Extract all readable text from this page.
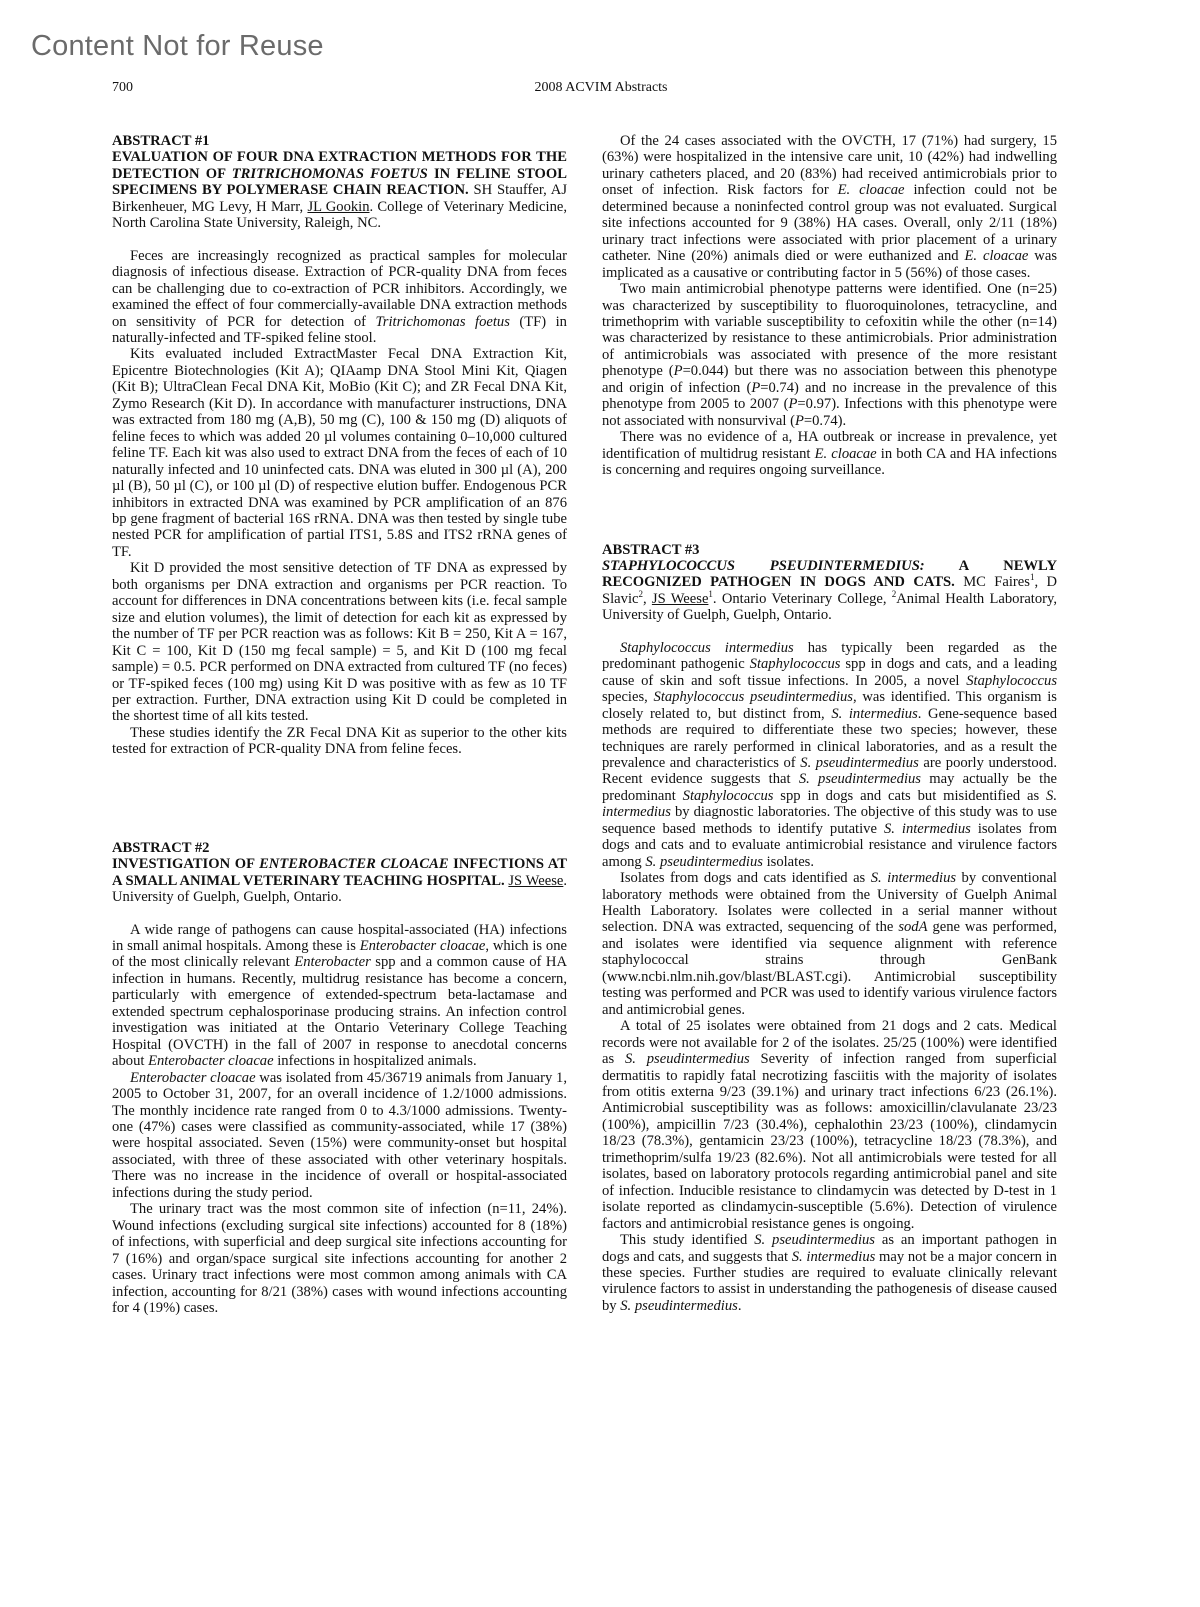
Content Not for Reuse
700	2008 ACVIM Abstracts
ABSTRACT #1
EVALUATION OF FOUR DNA EXTRACTION METHODS FOR THE DETECTION OF TRITRICHOMONAS FOETUS IN FELINE STOOL SPECIMENS BY POLYMERASE CHAIN REACTION. SH Stauffer, AJ Birkenheuer, MG Levy, H Marr, JL Gookin. College of Veterinary Medicine, North Carolina State University, Raleigh, NC.

Feces are increasingly recognized as practical samples for molecular diagnosis of infectious disease. Extraction of PCR-quality DNA from feces can be challenging due to co-extraction of PCR inhibitors. Accordingly, we examined the effect of four commercially-available DNA extraction methods on sensitivity of PCR for detection of Tritrichomonas foetus (TF) in naturally-infected and TF-spiked feline stool.

Kits evaluated included ExtractMaster Fecal DNA Extraction Kit, Epicentre Biotechnologies (Kit A); QIAamp DNA Stool Mini Kit, Qiagen (Kit B); UltraClean Fecal DNA Kit, MoBio (Kit C); and ZR Fecal DNA Kit, Zymo Research (Kit D). In accordance with manufacturer instructions, DNA was extracted from 180 mg (A,B), 50 mg (C), 100 & 150 mg (D) aliquots of feline feces to which was added 20 µl volumes containing 0–10,000 cultured feline TF. Each kit was also used to extract DNA from the feces of each of 10 naturally infected and 10 uninfected cats. DNA was eluted in 300 µl (A), 200 µl (B), 50 µl (C), or 100 µl (D) of respective elution buffer. Endogenous PCR inhibitors in extracted DNA was examined by PCR amplification of an 876 bp gene fragment of bacterial 16S rRNA. DNA was then tested by single tube nested PCR for amplification of partial ITS1, 5.8S and ITS2 rRNA genes of TF.

Kit D provided the most sensitive detection of TF DNA as expressed by both organisms per DNA extraction and organisms per PCR reaction. To account for differences in DNA concentrations between kits (i.e. fecal sample size and elution volumes), the limit of detection for each kit as expressed by the number of TF per PCR reaction was as follows: Kit B = 250, Kit A = 167, Kit C = 100, Kit D (150 mg fecal sample) = 5, and Kit D (100 mg fecal sample) = 0.5. PCR performed on DNA extracted from cultured TF (no feces) or TF-spiked feces (100 mg) using Kit D was positive with as few as 10 TF per extraction. Further, DNA extraction using Kit D could be completed in the shortest time of all kits tested.

These studies identify the ZR Fecal DNA Kit as superior to the other kits tested for extraction of PCR-quality DNA from feline feces.

ABSTRACT #2
INVESTIGATION OF ENTEROBACTER CLOACAE INFECTIONS AT A SMALL ANIMAL VETERINARY TEACHING HOSPITAL. JS Weese. University of Guelph, Guelph, Ontario.

A wide range of pathogens can cause hospital-associated (HA) infections in small animal hospitals. Among these is Enterobacter cloacae, which is one of the most clinically relevant Enterobacter spp and a common cause of HA infection in humans. Recently, multidrug resistance has become a concern, particularly with emergence of extended-spectrum beta-lactamase and extended spectrum cephalosporinase producing strains. An infection control investigation was initiated at the Ontario Veterinary College Teaching Hospital (OVCTH) in the fall of 2007 in response to anecdotal concerns about Enterobacter cloacae infections in hospitalized animals.

Enterobacter cloacae was isolated from 45/36719 animals from January 1, 2005 to October 31, 2007, for an overall incidence of 1.2/1000 admissions. The monthly incidence rate ranged from 0 to 4.3/1000 admissions. Twenty-one (47%) cases were classified as community-associated, while 17 (38%) were hospital associated. Seven (15%) were community-onset but hospital associated, with three of these associated with other veterinary hospitals. There was no increase in the incidence of overall or hospital-associated infections during the study period.

The urinary tract was the most common site of infection (n=11, 24%). Wound infections (excluding surgical site infections) accounted for 8 (18%) of infections, with superficial and deep surgical site infections accounting for 7 (16%) and organ/space surgical site infections accounting for another 2 cases. Urinary tract infections were most common among animals with CA infection, accounting for 8/21 (38%) cases with wound infections accounting for 4 (19%) cases.

Of the 24 cases associated with the OVCTH, 17 (71%) had surgery, 15 (63%) were hospitalized in the intensive care unit, 10 (42%) had indwelling urinary catheters placed, and 20 (83%) had received antimicrobials prior to onset of infection. Risk factors for E. cloacae infection could not be determined because a noninfected control group was not evaluated. Surgical site infections accounted for 9 (38%) HA cases. Overall, only 2/11 (18%) urinary tract infections were associated with prior placement of a urinary catheter. Nine (20%) animals died or were euthanized and E. cloacae was implicated as a causative or contributing factor in 5 (56%) of those cases.

Two main antimicrobial phenotype patterns were identified. One (n=25) was characterized by susceptibility to fluoroquinolones, tetracycline, and trimethoprim with variable susceptibility to cefoxitin while the other (n=14) was characterized by resistance to these antimicrobials. Prior administration of antimicrobials was associated with presence of the more resistant phenotype (P=0.044) but there was no association between this phenotype and origin of infection (P=0.74) and no increase in the prevalence of this phenotype from 2005 to 2007 (P=0.97). Infections with this phenotype were not associated with nonsurvival (P=0.74).

There was no evidence of a, HA outbreak or increase in prevalence, yet identification of multidrug resistant E. cloacae in both CA and HA infections is concerning and requires ongoing surveillance.

ABSTRACT #3
STAPHYLOCOCCUS PSEUDINTERMEDIUS: A NEWLY RECOGNIZED PATHOGEN IN DOGS AND CATS. MC Faires$^1$, D Slavic$^2$, JS Weese$^1$. Ontario Veterinary College, $^2$Animal Health Laboratory, University of Guelph, Guelph, Ontario.

Staphylococcus intermedius has typically been regarded as the predominant pathogenic Staphylococcus spp in dogs and cats, and a leading cause of skin and soft tissue infections. In 2005, a novel Staphylococcus species, Staphylococcus pseudintermedius, was identified. This organism is closely related to, but distinct from, S. intermedius. Gene-sequence based methods are required to differentiate these two species; however, these techniques are rarely performed in clinical laboratories, and as a result the prevalence and characteristics of S. pseudintermedius are poorly understood. Recent evidence suggests that S. pseudintermedius may actually be the predominant Staphylococcus spp in dogs and cats but misidentified as S. intermedius by diagnostic laboratories. The objective of this study was to use sequence based methods to identify putative S. intermedius isolates from dogs and cats and to evaluate antimicrobial resistance and virulence factors among S. pseudintermedius isolates.

Isolates from dogs and cats identified as S. intermedius by conventional laboratory methods were obtained from the University of Guelph Animal Health Laboratory. Isolates were collected in a serial manner without selection. DNA was extracted, sequencing of the sodA gene was performed, and isolates were identified via sequence alignment with reference staphylococcal strains through GenBank (www.ncbi.nlm.nih.gov/blast/BLAST.cgi). Antimicrobial susceptibility testing was performed and PCR was used to identify various virulence factors and antimicrobial genes.

A total of 25 isolates were obtained from 21 dogs and 2 cats. Medical records were not available for 2 of the isolates. 25/25 (100%) were identified as S. pseudintermedius Severity of infection ranged from superficial dermatitis to rapidly fatal necrotizing fasciitis with the majority of isolates from otitis externa 9/23 (39.1%) and urinary tract infections 6/23 (26.1%). Antimicrobial susceptibility was as follows: amoxicillin/clavulanate 23/23 (100%), ampicillin 7/23 (30.4%), cephalothin 23/23 (100%), clindamycin 18/23 (78.3%), gentamicin 23/23 (100%), tetracycline 18/23 (78.3%), and trimethoprim/sulfa 19/23 (82.6%). Not all antimicrobials were tested for all isolates, based on laboratory protocols regarding antimicrobial panel and site of infection. Inducible resistance to clindamycin was detected by D-test in 1 isolate reported as clindamycin-susceptible (5.6%). Detection of virulence factors and antimicrobial resistance genes is ongoing.

This study identified S. pseudintermedius as an important pathogen in dogs and cats, and suggests that S. intermedius may not be a major concern in these species. Further studies are required to evaluate clinically relevant virulence factors to assist in understanding the pathogenesis of disease caused by S. pseudintermedius.
